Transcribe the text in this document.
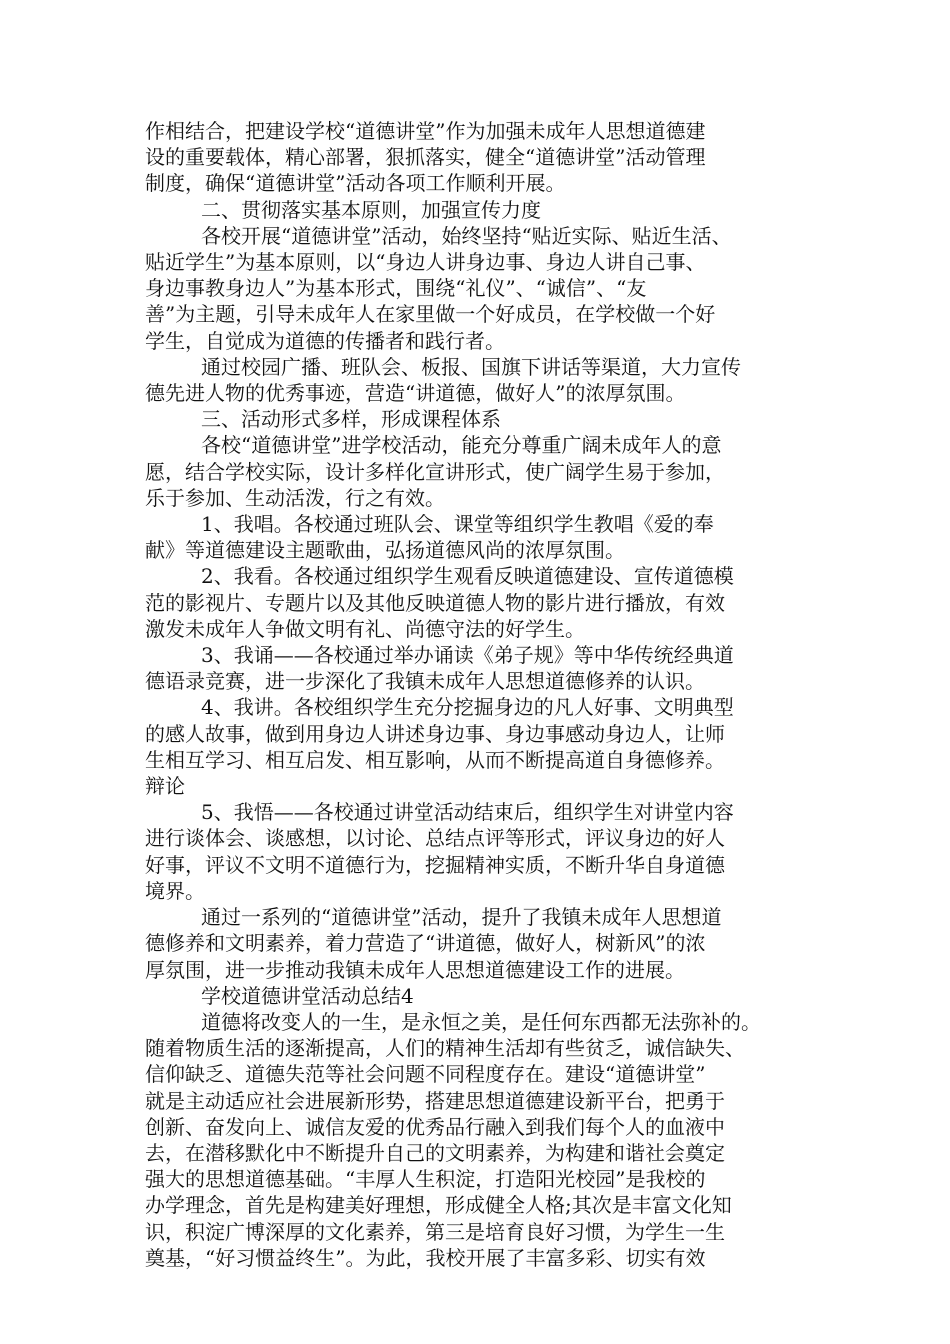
作相结合，把建设学校“道德讲堂”作为加强未成年人思想道德建
设的重要载体，精心部署，狠抓落实，健全“道德讲堂”活动管理
制度，确保“道德讲堂”活动各项工作顺利开展。
二、贯彻落实基本原则，加强宣传力度
各校开展“道德讲堂”活动，始终坚持“贴近实际、贴近生活、
贴近学生”为基本原则，以“身边人讲身边事、身边人讲自己事、
身边事教身边人”为基本形式，围绕“礼仪”、“诚信”、“友
善”为主题，引导未成年人在家里做一个好成员，在学校做一个好
学生，自觉成为道德的传播者和践行者。
通过校园广播、班队会、板报、国旗下讲话等渠道，大力宣传
德先进人物的优秀事迹，营造“讲道德，做好人”的浓厚氛围。
三、活动形式多样，形成课程体系
各校“道德讲堂”进学校活动，能充分尊重广阔未成年人的意
愿，结合学校实际，设计多样化宣讲形式，使广阔学生易于参加，
乐于参加、生动活泼，行之有效。
1、我唱。各校通过班队会、课堂等组织学生教唱《爱的奉
献》等道德建设主题歌曲，弘扬道德风尚的浓厚氛围。
2、我看。各校通过组织学生观看反映道德建设、宣传道德模
范的影视片、专题片以及其他反映道德人物的影片进行播放，有效
激发未成年人争做文明有礼、尚德守法的好学生。
3、我诵——各校通过举办诵读《弟子规》等中华传统经典道
德语录竞赛，进一步深化了我镇未成年人思想道德修养的认识。
4、我讲。各校组织学生充分挖掘身边的凡人好事、文明典型
的感人故事，做到用身边人讲述身边事、身边事感动身边人，让师
生相互学习、相互启发、相互影响，从而不断提高道自身德修养。
辩论
5、我悟——各校通过讲堂活动结束后，组织学生对讲堂内容
进行谈体会、谈感想，以讨论、总结点评等形式，评议身边的好人
好事，评议不文明不道德行为，挖掘精神实质，不断升华自身道德
境界。
通过一系列的“道德讲堂”活动，提升了我镇未成年人思想道
德修养和文明素养，着力营造了“讲道德，做好人，树新风”的浓
厚氛围，进一步推动我镇未成年人思想道德建设工作的进展。
学校道德讲堂活动总结4
道德将改变人的一生，是永恒之美，是任何东西都无法弥补的。
随着物质生活的逐渐提高，人们的精神生活却有些贫乏，诚信缺失、
信仰缺乏、道德失范等社会问题不同程度存在。建设“道德讲堂”
就是主动适应社会进展新形势，搭建思想道德建设新平台，把勇于
创新、奋发向上、诚信友爱的优秀品行融入到我们每个人的血液中
去，在潜移默化中不断提升自己的文明素养，为构建和谐社会奠定
强大的思想道德基础。“丰厚人生积淀，打造阳光校园”是我校的
办学理念，首先是构建美好理想，形成健全人格;其次是丰富文化知
识，积淀广博深厚的文化素养，第三是培育良好习惯，为学生一生
奠基，“好习惯益终生”。为此，我校开展了丰富多彩、切实有效
